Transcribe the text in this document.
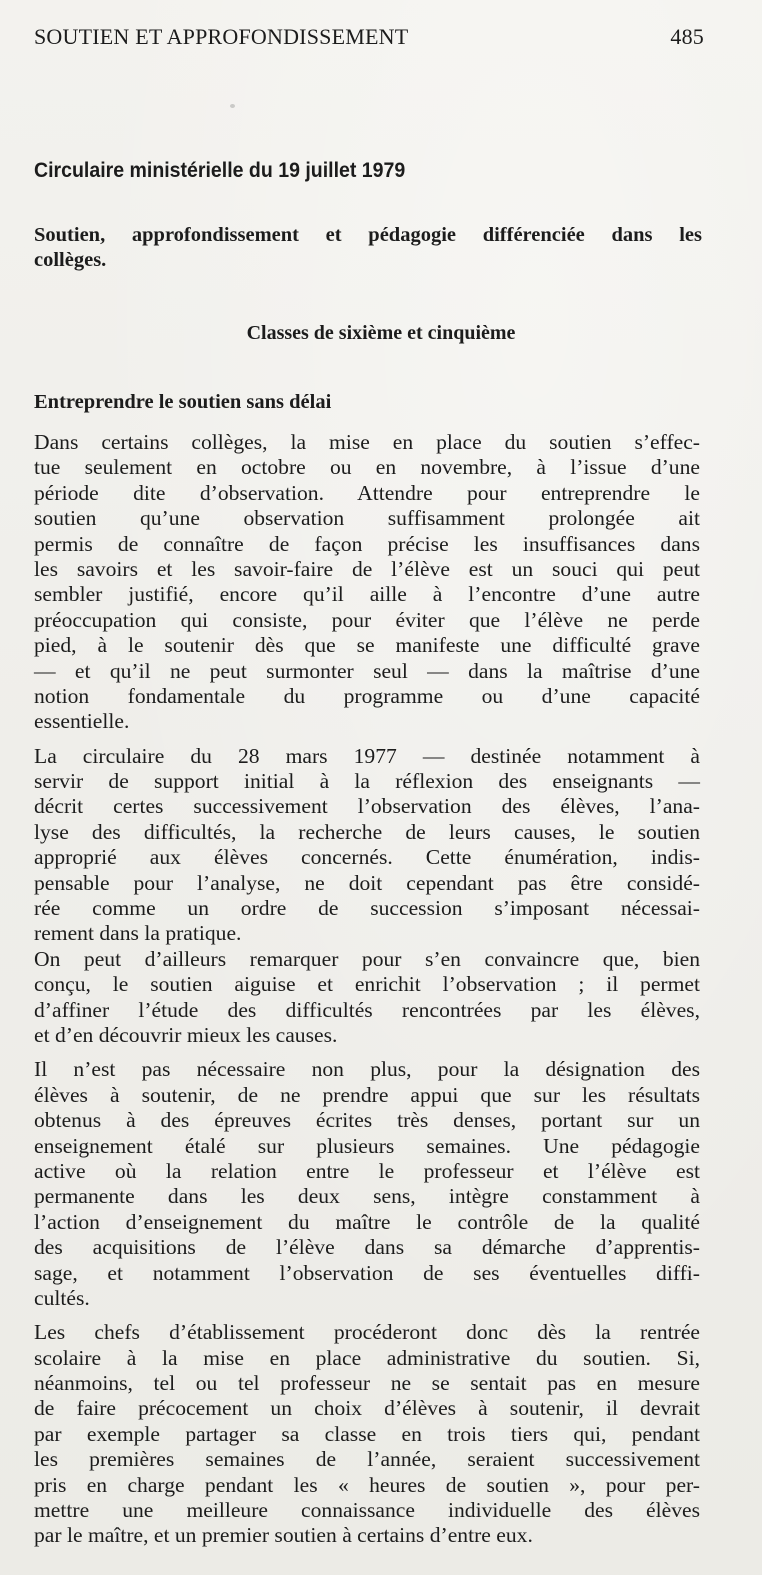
SOUTIEN ET APPROFONDISSEMENT	485
Circulaire ministérielle du 19 juillet 1979
Soutien, approfondissement et pédagogie différenciée dans les
collèges.
Classes de sixième et cinquième
Entreprendre le soutien sans délai
Dans certains collèges, la mise en place du soutien s’effec-
tue seulement en octobre ou en novembre, à l’issue d’une
période dite d’observation. Attendre pour entreprendre le
soutien qu’une observation suffisamment prolongée ait
permis de connaître de façon précise les insuffisances dans
les savoirs et les savoir-faire de l’élève est un souci qui peut
sembler justifié, encore qu’il aille à l’encontre d’une autre
préoccupation qui consiste, pour éviter que l’élève ne perde
pied, à le soutenir dès que se manifeste une difficulté grave
— et qu’il ne peut surmonter seul — dans la maîtrise d’une
notion fondamentale du programme ou d’une capacité
essentielle.
La circulaire du 28 mars 1977 — destinée notamment à
servir de support initial à la réflexion des enseignants —
décrit certes successivement l’observation des élèves, l’ana-
lyse des difficultés, la recherche de leurs causes, le soutien
approprié aux élèves concernés. Cette énumération, indis-
pensable pour l’analyse, ne doit cependant pas être considé-
rée comme un ordre de succession s’imposant nécessai-
rement dans la pratique.
On peut d’ailleurs remarquer pour s’en convaincre que, bien
conçu, le soutien aiguise et enrichit l’observation ; il permet
d’affiner l’étude des difficultés rencontrées par les élèves,
et d’en découvrir mieux les causes.
Il n’est pas nécessaire non plus, pour la désignation des
élèves à soutenir, de ne prendre appui que sur les résultats
obtenus à des épreuves écrites très denses, portant sur un
enseignement étalé sur plusieurs semaines. Une pédagogie
active où la relation entre le professeur et l’élève est
permanente dans les deux sens, intègre constamment à
l’action d’enseignement du maître le contrôle de la qualité
des acquisitions de l’élève dans sa démarche d’apprentis-
sage, et notamment l’observation de ses éventuelles diffi-
cultés.
Les chefs d’établissement procéderont donc dès la rentrée
scolaire à la mise en place administrative du soutien. Si,
néanmoins, tel ou tel professeur ne se sentait pas en mesure
de faire précocement un choix d’élèves à soutenir, il devrait
par exemple partager sa classe en trois tiers qui, pendant
les premières semaines de l’année, seraient successivement
pris en charge pendant les « heures de soutien », pour per-
mettre une meilleure connaissance individuelle des élèves
par le maître, et un premier soutien à certains d’entre eux.
